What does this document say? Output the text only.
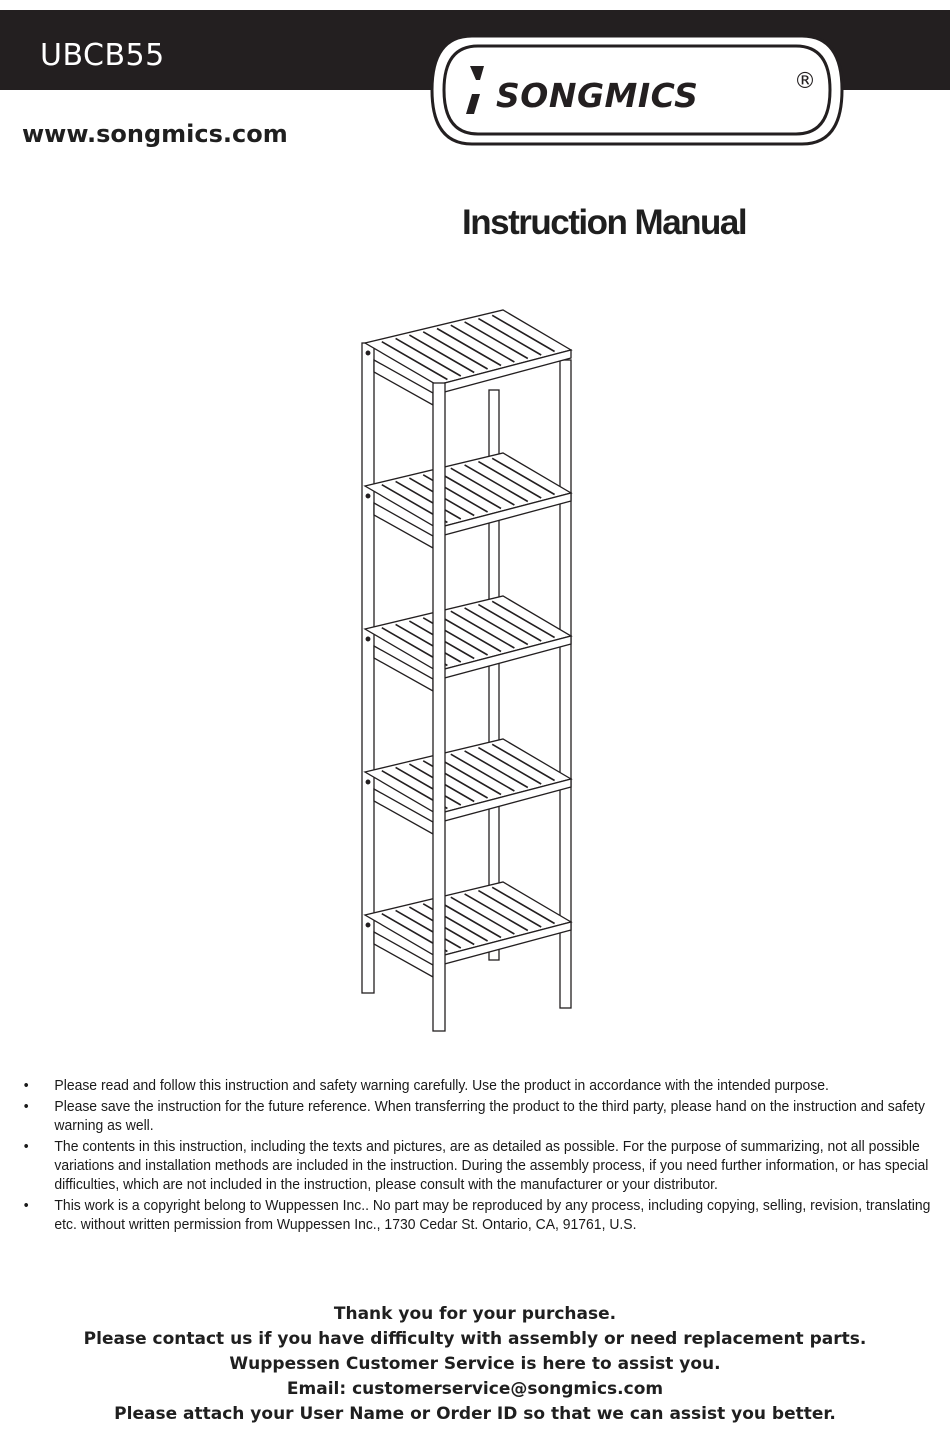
UBCB55
SONGMICS	®
www.songmics.com
Instruction Manual
• Please read and follow this instruction and safety warning carefully. Use the product in accordance with the intended purpose.
• Please save the instruction for the future reference. When transferring the product to the third party, please hand on the instruction and safety warning as well.
• The contents in this instruction, including the texts and pictures, are as detailed as possible. For the purpose of summarizing, not all possible variations and installation methods are included in the instruction. During the assembly process, if you need further information, or has special difficulties, which are not included in the instruction, please consult with the manufacturer or your distributor.
• This work is a copyright belong to Wuppessen Inc.. No part may be reproduced by any process, including copying, selling, revision, translating etc. without written permission from Wuppessen Inc., 1730 Cedar St. Ontario, CA, 91761, U.S.
Thank you for your purchase.
Please contact us if you have difficulty with assembly or need replacement parts.
Wuppessen Customer Service is here to assist you.
Email: customerservice@songmics.com
Please attach your User Name or Order ID so that we can assist you better.
